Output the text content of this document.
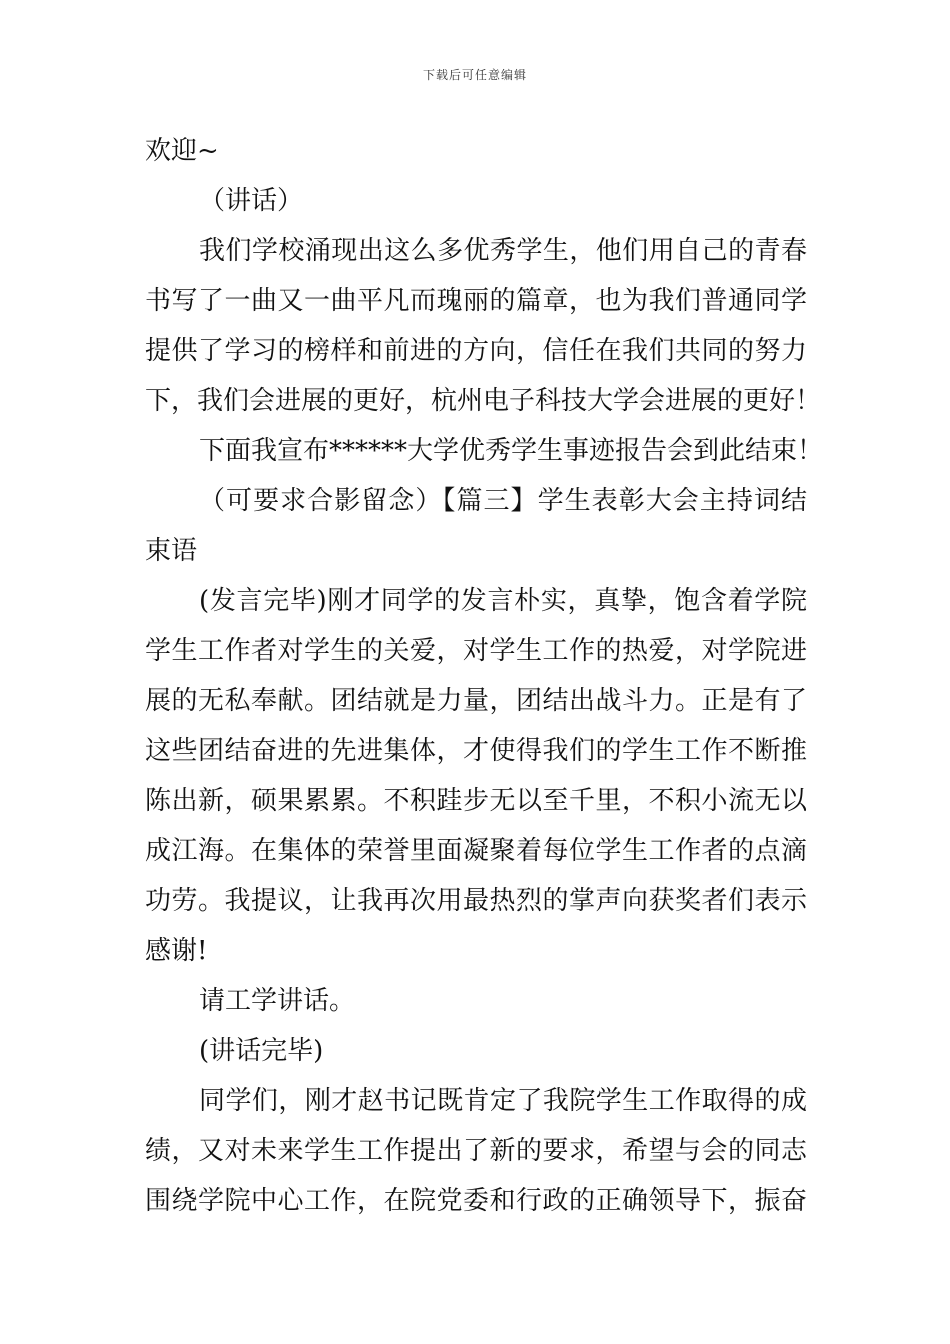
下载后可任意编辑
欢迎~
（讲话）
我们学校涌现出这么多优秀学生，他们用自己的青春
书写了一曲又一曲平凡而瑰丽的篇章，也为我们普通同学
提供了学习的榜样和前进的方向，信任在我们共同的努力
下，我们会进展的更好，杭州电子科技大学会进展的更好！
下面我宣布******大学优秀学生事迹报告会到此结束！
（可要求合影留念）【篇三】学生表彰大会主持词结
束语
(发言完毕)刚才同学的发言朴实，真挚，饱含着学院
学生工作者对学生的关爱，对学生工作的热爱，对学院进
展的无私奉献。团结就是力量，团结出战斗力。正是有了
这些团结奋进的先进集体，才使得我们的学生工作不断推
陈出新，硕果累累。不积跬步无以至千里，不积小流无以
成江海。在集体的荣誉里面凝聚着每位学生工作者的点滴
功劳。我提议，让我再次用最热烈的掌声向获奖者们表示
感谢!
请工学讲话。
(讲话完毕)
同学们，刚才赵书记既肯定了我院学生工作取得的成
绩，又对未来学生工作提出了新的要求，希望与会的同志
围绕学院中心工作，在院党委和行政的正确领导下，振奋
